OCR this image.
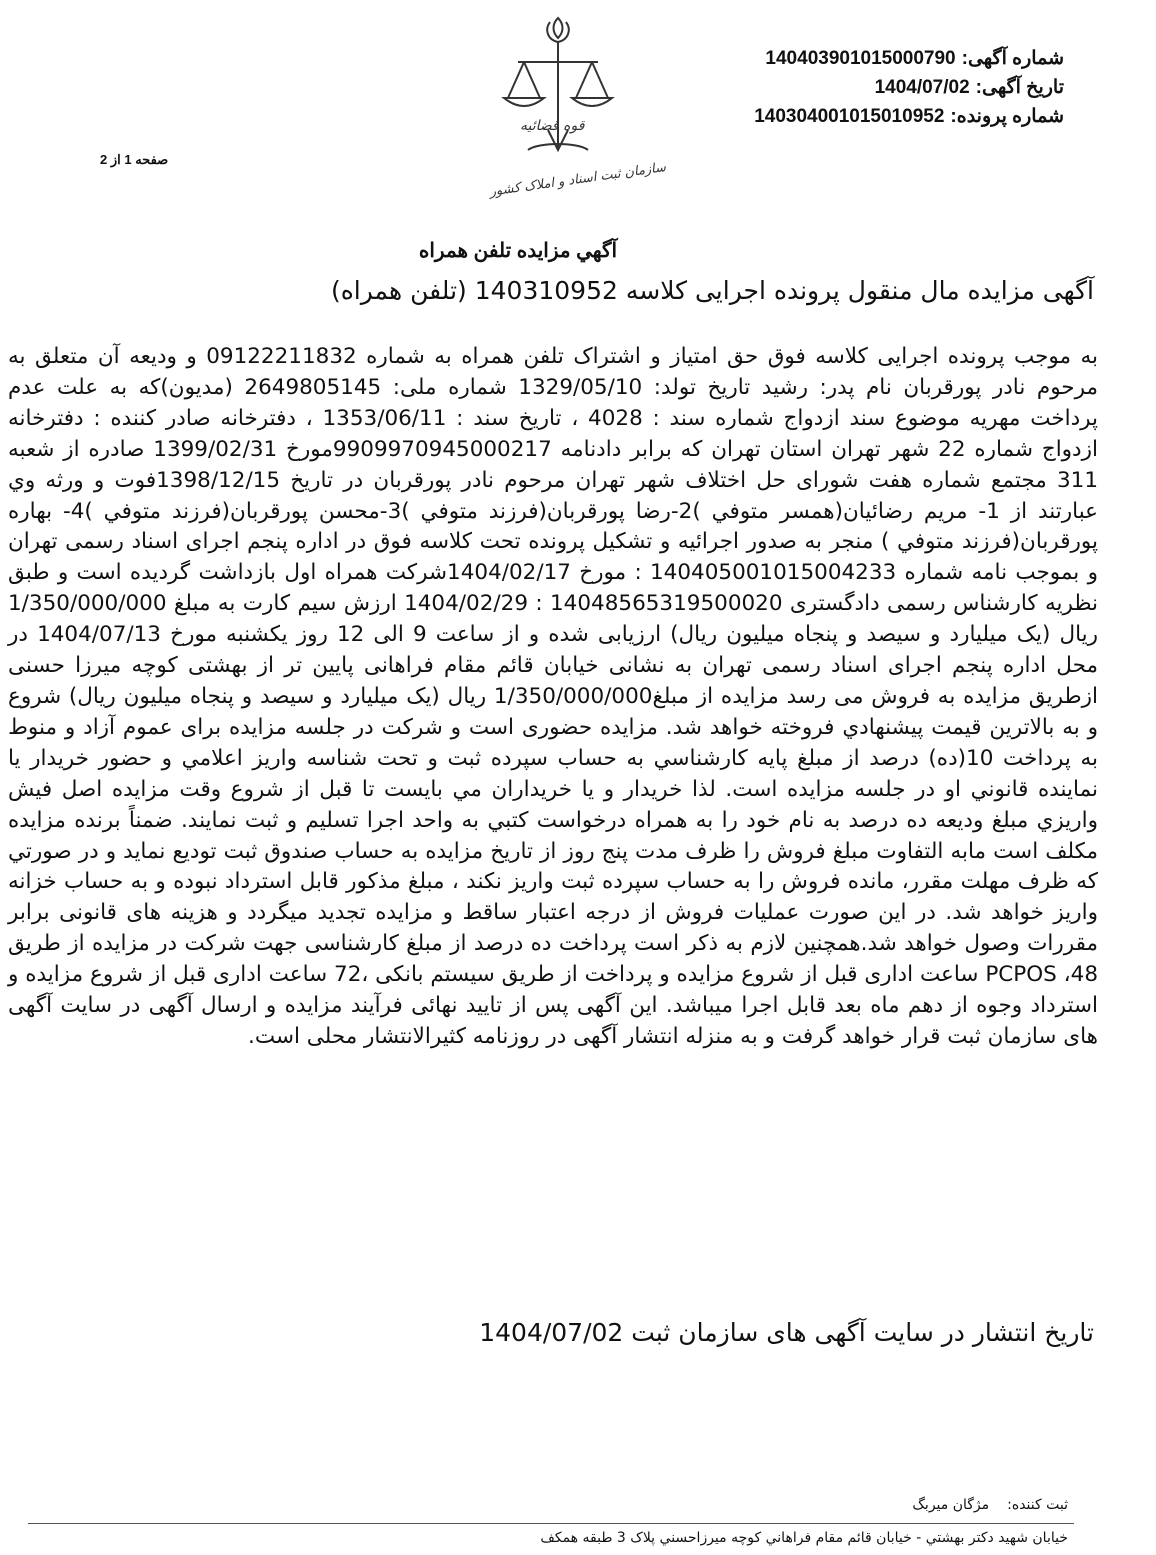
شماره آگهی:140403901015000790
تاریخ آگهی:1404/07/02
شماره پرونده:140304001015010952
صفحه 1 از 2
قوه قضائیه
سازمان ثبت اسناد و املاک کشور
آگهي مزايده تلفن همراه
آگهی مزایده مال منقول پرونده اجرایی کلاسه 140310952 (تلفن همراه)
به موجب پرونده اجرایی کلاسه فوق حق امتیاز و اشتراک تلفن همراه به شماره 09122211832 و ودیعه آن متعلق به مرحوم نادر پورقربان نام پدر: رشید تاریخ تولد: 1329/05/10 شماره ملی: 2649805145 (مدیون)که به علت عدم پرداخت مهریه موضوع سند ازدواج شماره سند : 4028 ، تاریخ سند : 1353/06/11 ، دفترخانه صادر کننده : دفترخانه ازدواج شماره 22 شهر تهران استان تهران که برابر دادنامه 9909970945000217مورخ 1399/02/31 صادره از شعبه 311 مجتمع شماره هفت شورای حل اختلاف شهر تهران مرحوم نادر پورقربان در تاریخ 1398/12/15فوت و ورثه وي عبارتند از 1- مریم رضائیان(همسر متوفي )2-رضا پورقربان(فرزند متوفي )3-محسن پورقربان(فرزند متوفي )4- بهاره پورقربان(فرزند متوفي ) منجر به صدور اجرائیه و تشکیل پرونده تحت کلاسه فوق در اداره پنجم اجرای اسناد رسمی تهران و بموجب نامه شماره 140405001015004233 : مورخ 1404/02/17شرکت همراه اول بازداشت گردیده است و طبق نظریه کارشناس رسمی دادگستری 14048565319500020 : 1404/02/29 ارزش سیم کارت به مبلغ 1/350/000/000 ریال (یک میلیارد و سیصد و پنجاه میلیون ریال) ارزیابی شده و از ساعت 9 الی 12 روز یکشنبه مورخ 1404/07/13 در محل اداره پنجم اجرای اسناد رسمی تهران به نشانی خیابان قائم مقام فراهانی پایین تر از بهشتی کوچه میرزا حسنی ازطریق مزایده به فروش می رسد مزایده از مبلغ1/350/000/000 ریال (یک میلیارد و سیصد و پنجاه میلیون ریال) شروع و به بالاترین قیمت پیشنهادي فروخته خواهد شد. مزایده حضوری است و شرکت در جلسه مزایده برای عموم آزاد و منوط به پرداخت 10(ده) درصد از مبلغ پایه کارشناسي به حساب سپرده ثبت و تحت شناسه واریز اعلامي و حضور خریدار یا نماینده قانوني او در جلسه مزایده است. لذا خریدار و یا خریداران مي بایست تا قبل از شروع وقت مزایده اصل فیش واریزي مبلغ ودیعه ده درصد به نام خود را به همراه درخواست کتبي به واحد اجرا تسلیم و ثبت نمایند. ضمناً برنده مزایده مکلف است مابه التفاوت مبلغ فروش را ظرف مدت پنج روز از تاریخ مزایده به حساب صندوق ثبت تودیع نماید و در صورتي که ظرف مهلت مقرر، مانده فروش را به حساب سپرده ثبت واریز نکند ، مبلغ مذکور قابل استرداد نبوده و به حساب خزانه واریز خواهد شد. در این صورت عملیات فروش از درجه اعتبار ساقط و مزایده تجدید میگردد و هزینه های قانونی برابر مقررات وصول خواهد شد.همچنین لازم به ذکر است پرداخت ده درصد از مبلغ کارشناسی جهت شرکت در مزایده از طریق 48، PCPOS ساعت اداری قبل از شروع مزایده و پرداخت از طریق سیستم بانکی ،72 ساعت اداری قبل از شروع مزایده و استرداد وجوه از دهم ماه بعد قابل اجرا میباشد. این آگهی پس از تایید نهائی فرآیند مزایده و ارسال آگهی در سایت آگهی های سازمان ثبت قرار خواهد گرفت و به منزله انتشار آگهی در روزنامه کثیرالانتشار محلی است.
تاریخ انتشار در سایت آگهی های سازمان ثبت 1404/07/02
ثبت کننده:مژگان میربگ
خیابان شهید دکتر بهشتي - خیابان قائم مقام فراهاني کوچه میرزاحسني پلاک 3 طبقه همکف
